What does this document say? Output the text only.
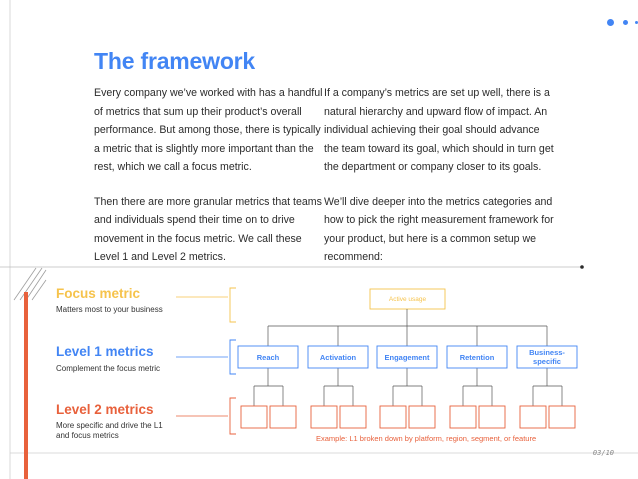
The framework

Every company we’ve worked with has a handful of metrics that sum up their product’s overall performance. But among those, there is typically a metric that is slightly more important than the rest, which we call a focus metric.

Then there are more granular metrics that teams and individuals spend their time on to drive movement in the focus metric. We call these Level 1 and Level 2 metrics.

If a company’s metrics are set up well, there is a natural hierarchy and upward flow of impact. An individual achieving their goal should advance the team toward its goal, which should in turn get the department or company closer to its goals.

We’ll dive deeper into the metrics categories and how to pick the right measurement framework for your product, but here is a common setup we recommend:

Focus metric
Matters most to your business
Level 1 metrics
Complement the focus metric
Level 2 metrics
More specific and drive the L1 and focus metrics
Active usage
Reach	Activation	Engagement	Retention	Business-specific
Example: L1 broken down by platform, region, segment, or feature
03/10
